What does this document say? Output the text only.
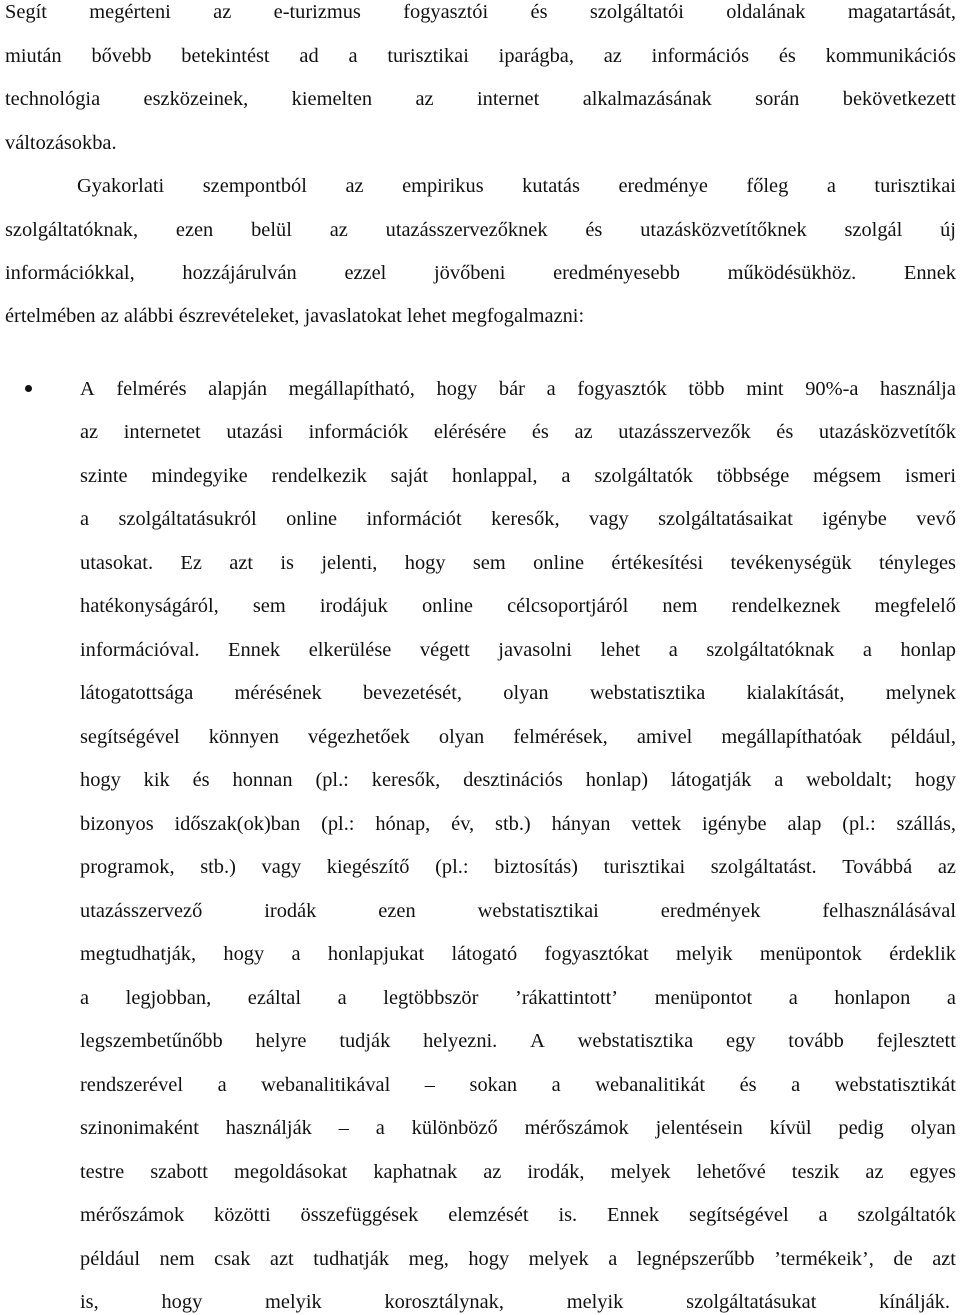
Segít megérteni az e-turizmus fogyasztói és szolgáltatói oldalának magatartását,
miután bővebb betekintést ad a turisztikai iparágba, az információs és kommunikációs
technológia eszközeinek, kiemelten az internet alkalmazásának során bekövetkezett
változásokba.
Gyakorlati szempontból az empirikus kutatás eredménye főleg a turisztikai
szolgáltatóknak, ezen belül az utazásszervezőknek és utazásközvetítőknek szolgál új
információkkal, hozzájárulván ezzel jövőbeni eredményesebb működésükhöz. Ennek
értelmében az alábbi észrevételeket, javaslatokat lehet megfogalmazni:
A felmérés alapján megállapítható, hogy bár a fogyasztók több mint 90%-a használja
az internetet utazási információk elérésére és az utazásszervezők és utazásközvetítők
szinte mindegyike rendelkezik saját honlappal, a szolgáltatók többsége mégsem ismeri
a szolgáltatásukról online információt keresők, vagy szolgáltatásaikat igénybe vevő
utasokat. Ez azt is jelenti, hogy sem online értékesítési tevékenységük tényleges
hatékonyságáról, sem irodájuk online célcsoportjáról nem rendelkeznek megfelelő
információval. Ennek elkerülése végett javasolni lehet a szolgáltatóknak a honlap
látogatottsága mérésének bevezetését, olyan webstatisztika kialakítását, melynek
segítségével könnyen végezhetőek olyan felmérések, amivel megállapíthatóak például,
hogy kik és honnan (pl.: keresők, desztinációs honlap) látogatják a weboldalt; hogy
bizonyos időszak(ok)ban (pl.: hónap, év, stb.) hányan vettek igénybe alap (pl.: szállás,
programok, stb.) vagy kiegészítő (pl.: biztosítás) turisztikai szolgáltatást. Továbbá az
utazásszervező	irodák	ezen	webstatisztikai	eredmények	felhasználásával
megtudhatják, hogy a honlapjukat látogató fogyasztókat melyik menüpontok érdeklik
a legjobban, ezáltal a legtöbbször ’rákattintott’ menüpontot a honlapon a
legszembetűnőbb helyre tudják helyezni. A webstatisztika egy tovább fejlesztett
rendszerével a webanalitikával – sokan a webanalitikát és a webstatisztikát
szinonimaként használják – a különböző mérőszámok jelentésein kívül pedig olyan
testre szabott megoldásokat kaphatnak az irodák, melyek lehetővé teszik az egyes
mérőszámok közötti összefüggések elemzését is. Ennek segítségével a szolgáltatók
például nem csak azt tudhatják meg, hogy melyek a legnépszerűbb ’termékeik’, de azt
is,	hogy	melyik	korosztálynak,	melyik	szolgáltatásukat	kínálják.
